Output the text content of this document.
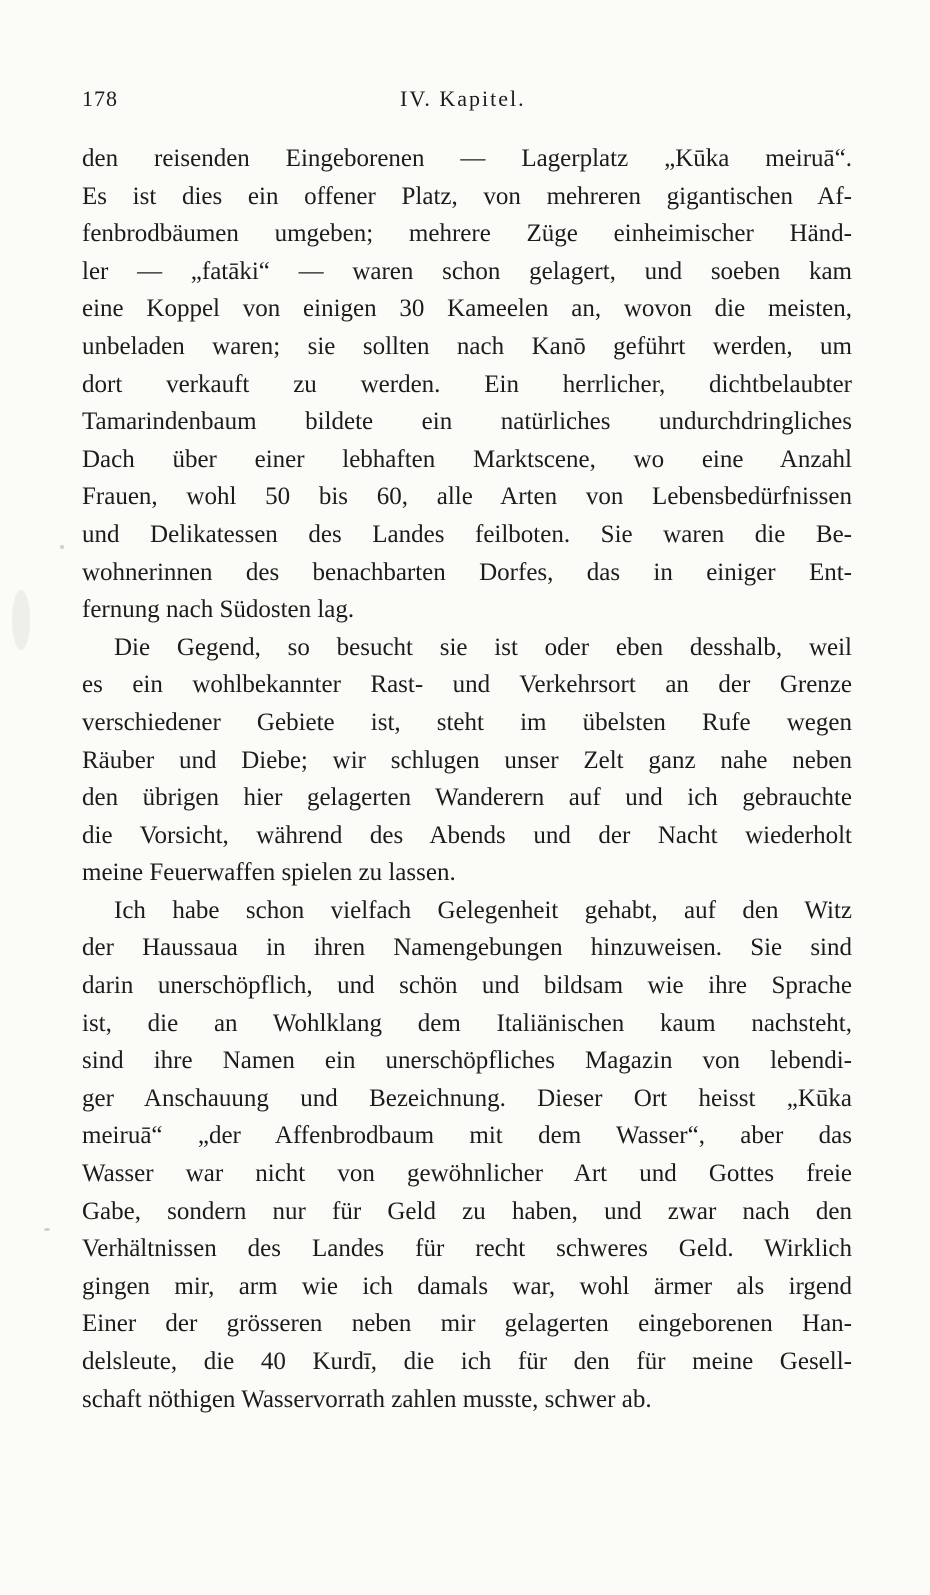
178	IV. Kapitel.
den reisenden Eingeborenen — Lagerplatz „Kūka meiruā“.
Es ist dies ein offener Platz, von mehreren gigantischen Af-
fenbrodbäumen umgeben; mehrere Züge einheimischer Händ-
ler — „fatāki“ — waren schon gelagert, und soeben kam
eine Koppel von einigen 30 Kameelen an, wovon die meisten,
unbeladen waren; sie sollten nach Kanō geführt werden, um
dort verkauft zu werden. Ein herrlicher, dichtbelaubter
Tamarindenbaum bildete ein natürliches undurchdringliches
Dach über einer lebhaften Marktscene, wo eine Anzahl
Frauen, wohl 50 bis 60, alle Arten von Lebensbedürfnissen
und Delikatessen des Landes feilboten. Sie waren die Be-
wohnerinnen des benachbarten Dorfes, das in einiger Ent-
fernung nach Südosten lag.
Die Gegend, so besucht sie ist oder eben desshalb, weil
es ein wohlbekannter Rast- und Verkehrsort an der Grenze
verschiedener Gebiete ist, steht im übelsten Rufe wegen
Räuber und Diebe; wir schlugen unser Zelt ganz nahe neben
den übrigen hier gelagerten Wanderern auf und ich gebrauchte
die Vorsicht, während des Abends und der Nacht wiederholt
meine Feuerwaffen spielen zu lassen.
Ich habe schon vielfach Gelegenheit gehabt, auf den Witz
der Haussaua in ihren Namengebungen hinzuweisen. Sie sind
darin unerschöpflich, und schön und bildsam wie ihre Sprache
ist, die an Wohlklang dem Italiänischen kaum nachsteht,
sind ihre Namen ein unerschöpfliches Magazin von lebendi-
ger Anschauung und Bezeichnung. Dieser Ort heisst „Kūka
meiruā“ „der Affenbrodbaum mit dem Wasser“, aber das
Wasser war nicht von gewöhnlicher Art und Gottes freie
Gabe, sondern nur für Geld zu haben, und zwar nach den
Verhältnissen des Landes für recht schweres Geld. Wirklich
gingen mir, arm wie ich damals war, wohl ärmer als irgend
Einer der grösseren neben mir gelagerten eingeborenen Han-
delsleute, die 40 Kurdī, die ich für den für meine Gesell-
schaft nöthigen Wasservorrath zahlen musste, schwer ab.
